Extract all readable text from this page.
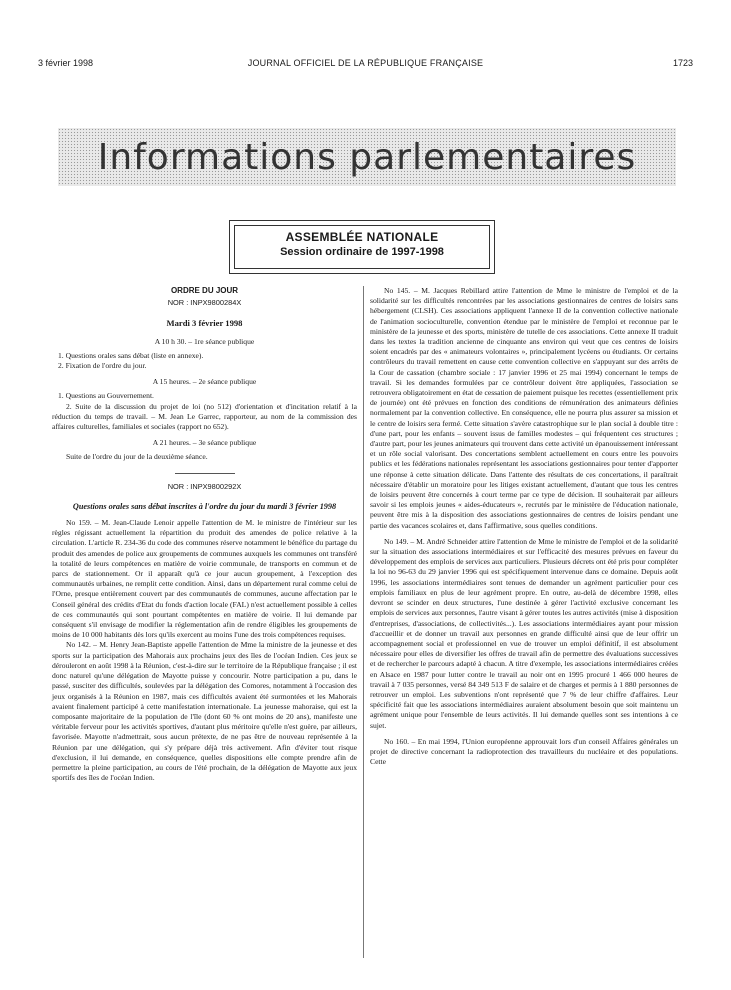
3 février 1998	JOURNAL OFFICIEL DE LA RÉPUBLIQUE FRANÇAISE	1723
Informations parlementaires
ASSEMBLÉE NATIONALE
Session ordinaire de 1997-1998
ORDRE DU JOUR
NOR : INPX9800284X
Mardi 3 février 1998
A 10 h 30. – 1re séance publique
1. Questions orales sans débat (liste en annexe).
2. Fixation de l'ordre du jour.
A 15 heures. – 2e séance publique
1. Questions au Gouvernement.

2. Suite de la discussion du projet de loi (no 512) d'orientation et d'incitation relatif à la réduction du temps de travail. – M. Jean Le Garrec, rapporteur, au nom de la commission des affaires culturelles, familiales et sociales (rapport no 652).

A 21 heures. – 3e séance publique

Suite de l'ordre du jour de la deuxième séance.

NOR : INPX9800292X
Questions orales sans débat inscrites à l'ordre du jour du mardi 3 février 1998

No 159. – M. Jean-Claude Lenoir appelle l'attention de M. le ministre de l'intérieur sur les règles régissant actuellement la répartition du produit des amendes de police relative à la circulation. L'article R. 234-36 du code des communes réserve notamment le bénéfice du partage du produit des amendes de police aux groupements de communes auxquels les communes ont transféré la totalité de leurs compétences en matière de voirie communale, de transports en commun et de parcs de stationnement. Or il apparaît qu'à ce jour aucun groupement, à l'exception des communautés urbaines, ne remplit cette condition. Ainsi, dans un département rural comme celui de l'Orne, presque entièrement couvert par des communautés de communes, aucune affectation par le Conseil général des crédits d'Etat du fonds d'action locale (FAL) n'est actuellement possible à celles de ces communautés qui sont pourtant compétentes en matière de voirie. Il lui demande par conséquent s'il envisage de modifier la réglementation afin de rendre éligibles les groupements de moins de 10 000 habitants dès lors qu'ils exercent au moins l'une des trois compétences requises.

No 142. – M. Henry Jean-Baptiste appelle l'attention de Mme la ministre de la jeunesse et des sports sur la participation des Mahorais aux prochains jeux des îles de l'océan Indien. Ces jeux se dérouleront en août 1998 à la Réunion, c'est-à-dire sur le territoire de la République française ; il est donc naturel qu'une délégation de Mayotte puisse y concourir. Notre participation a pu, dans le passé, susciter des difficultés, soulevées par la délégation des Comores, notamment à l'occasion des jeux organisés à la Réunion en 1987, mais ces difficultés avaient été surmontées et les Mahorais avaient finalement participé à cette manifestation internationale. La jeunesse mahoraise, qui est la composante majoritaire de la population de l'île (dont 60 % ont moins de 20 ans), manifeste une véritable ferveur pour les activités sportives, d'autant plus méritoire qu'elle n'est guère, par ailleurs, favorisée. Mayotte n'admettrait, sous aucun prétexte, de ne pas être de nouveau représentée à la Réunion par une délégation, qui s'y prépare déjà très activement. Afin d'éviter tout risque d'exclusion, il lui demande, en conséquence, quelles dispositions elle compte prendre afin de permettre la pleine participation, au cours de l'été prochain, de la délégation de Mayotte aux jeux sportifs des îles de l'océan Indien.

No 145. – M. Jacques Rebillard attire l'attention de Mme le ministre de l'emploi et de la solidarité sur les difficultés rencontrées par les associations gestionnaires de centres de loisirs sans hébergement (CLSH). Ces associations appliquent l'annexe II de la convention collective nationale de l'animation socioculturelle, convention étendue par le ministère de l'emploi et reconnue par le ministère de la jeunesse et des sports, ministère de tutelle de ces associations. Cette annexe II traduit dans les textes la tradition ancienne de cinquante ans environ qui veut que ces centres de loisirs soient encadrés par des « animateurs volontaires », principalement lycéens ou étudiants. Or certains contrôleurs du travail remettent en cause cette convention collective en s'appuyant sur des arrêts de la Cour de cassation (chambre sociale : 17 janvier 1996 et 25 mai 1994) concernant le temps de travail. Si les demandes formulées par ce contrôleur doivent être appliquées, l'association se retrouvera obligatoirement en état de cessation de paiement puisque les recettes (essentiellement prix de journée) ont été prévues en fonction des conditions de rémunération des animateurs définies normalement par la convention collective. En conséquence, elle ne pourra plus assurer sa mission et le centre de loisirs sera fermé. Cette situation s'avère catastrophique sur le plan social à double titre : d'une part, pour les enfants – souvent issus de familles modestes – qui fréquentent ces structures ; d'autre part, pour les jeunes animateurs qui trouvent dans cette activité un épanouissement intéressant et un rôle social valorisant. Des concertations semblent actuellement en cours entre les pouvoirs publics et les fédérations nationales représentant les associations gestionnaires pour tenter d'apporter une réponse à cette situation délicate. Dans l'attente des résultats de ces concertations, il paraîtrait nécessaire d'établir un moratoire pour les litiges existant actuellement, d'autant que tous les centres de loisirs peuvent être concernés à court terme par ce type de décision. Il souhaiterait par ailleurs savoir si les emplois jeunes « aides-éducateurs », recrutés par le ministère de l'éducation nationale, peuvent être mis à la disposition des associations gestionnaires de centres de loisirs pendant une partie des vacances scolaires et, dans l'affirmative, sous quelles conditions.

No 149. – M. André Schneider attire l'attention de Mme le ministre de l'emploi et de la solidarité sur la situation des associations intermédiaires et sur l'efficacité des mesures prévues en faveur du développement des emplois de services aux particuliers. Plusieurs décrets ont été pris pour compléter la loi no 96-63 du 29 janvier 1996 qui est spécifiquement intervenue dans ce domaine. Depuis août 1996, les associations intermédiaires sont tenues de demander un agrément particulier pour ces emplois familiaux en plus de leur agrément propre. En outre, au-delà de décembre 1998, elles devront se scinder en deux structures, l'une destinée à gérer l'activité exclusive concernant les emplois de services aux personnes, l'autre visant à gérer toutes les autres activités (mise à disposition d'entreprises, d'associations, de collectivités...). Les associations intermédiaires ayant pour mission d'accueillir et de donner un travail aux personnes en grande difficulté ainsi que de leur offrir un accompagnement social et professionnel en vue de trouver un emploi définitif, il est absolument nécessaire pour elles de diversifier les offres de travail afin de permettre des évaluations successives et de rechercher le parcours adapté à chacun. A titre d'exemple, les associations intermédiaires créées en Alsace en 1987 pour lutter contre le travail au noir ont en 1995 procuré 1 466 000 heures de travail à 7 035 personnes, versé 84 349 513 F de salaire et de charges et permis à 1 880 personnes de retrouver un emploi. Les subventions n'ont représenté que 7 % de leur chiffre d'affaires. Leur spécificité fait que les associations intermédiaires auraient absolument besoin que soit maintenu un agrément unique pour l'ensemble de leurs activités. Il lui demande quelles sont ses intentions à ce sujet.

No 160. – En mai 1994, l'Union européenne approuvait lors d'un conseil Affaires générales un projet de directive concernant la radioprotection des travailleurs du nucléaire et des populations. Cette
